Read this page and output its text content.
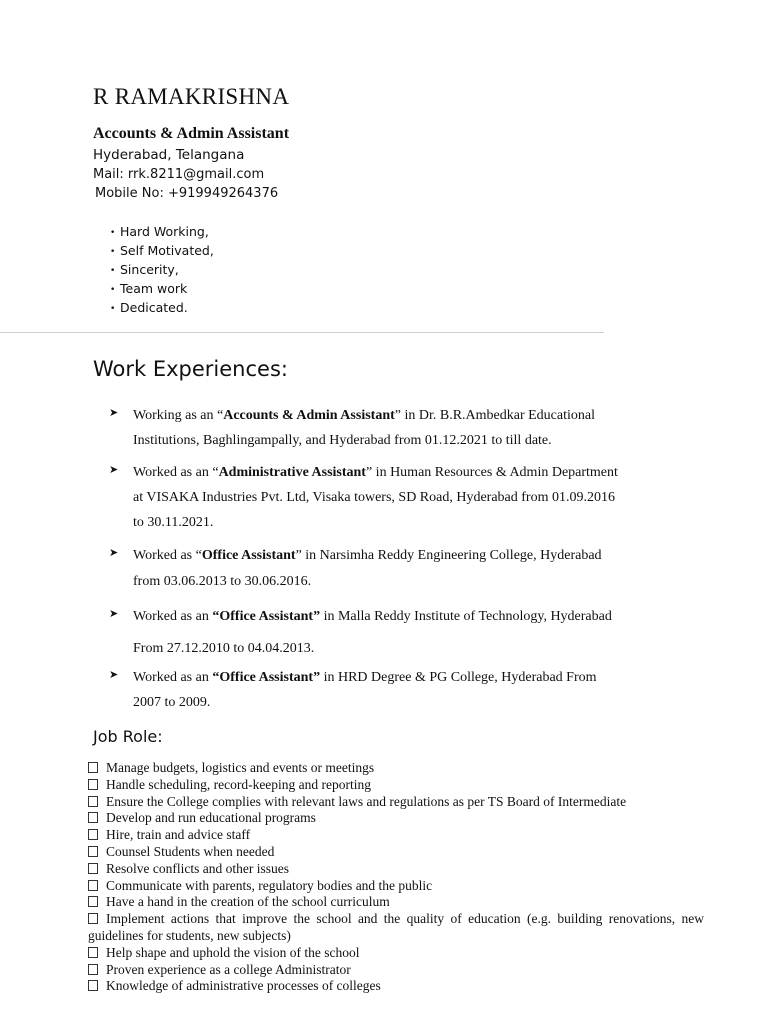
R RAMAKRISHNA
Accounts & Admin Assistant
Hyderabad, Telangana
Mail: rrk.8211@gmail.com
Mobile No: +919949264376
• Hard Working,
• Self Motivated,
• Sincerity,
• Team work
• Dedicated.
Work Experiences:
➤ Working as an “Accounts & Admin Assistant” in Dr. B.R.Ambedkar Educational
Institutions, Baghlingampally, and Hyderabad from 01.12.2021 to till date.
➤ Worked as an “Administrative Assistant” in Human Resources & Admin Department
at VISAKA Industries Pvt. Ltd, Visaka towers, SD Road, Hyderabad from 01.09.2016
to 30.11.2021.
➤ Worked as “Office Assistant” in Narsimha Reddy Engineering College, Hyderabad
from 03.06.2013 to 30.06.2016.
➤ Worked as an “Office Assistant” in Malla Reddy Institute of Technology, Hyderabad
From 27.12.2010 to 04.04.2013.
➤ Worked as an “Office Assistant” in HRD Degree & PG College, Hyderabad From
2007 to 2009.
Job Role:
Manage budgets, logistics and events or meetings
Handle scheduling, record-keeping and reporting
Ensure the College complies with relevant laws and regulations as per TS Board of Intermediate
Develop and run educational programs
Hire, train and advice staff
Counsel Students when needed
Resolve conflicts and other issues
Communicate with parents, regulatory bodies and the public
Have a hand in the creation of the school curriculum
Implement actions that improve the school and the quality of education (e.g. building renovations, new guidelines for students, new subjects)
Help shape and uphold the vision of the school
Proven experience as a college Administrator
Knowledge of administrative processes of colleges
